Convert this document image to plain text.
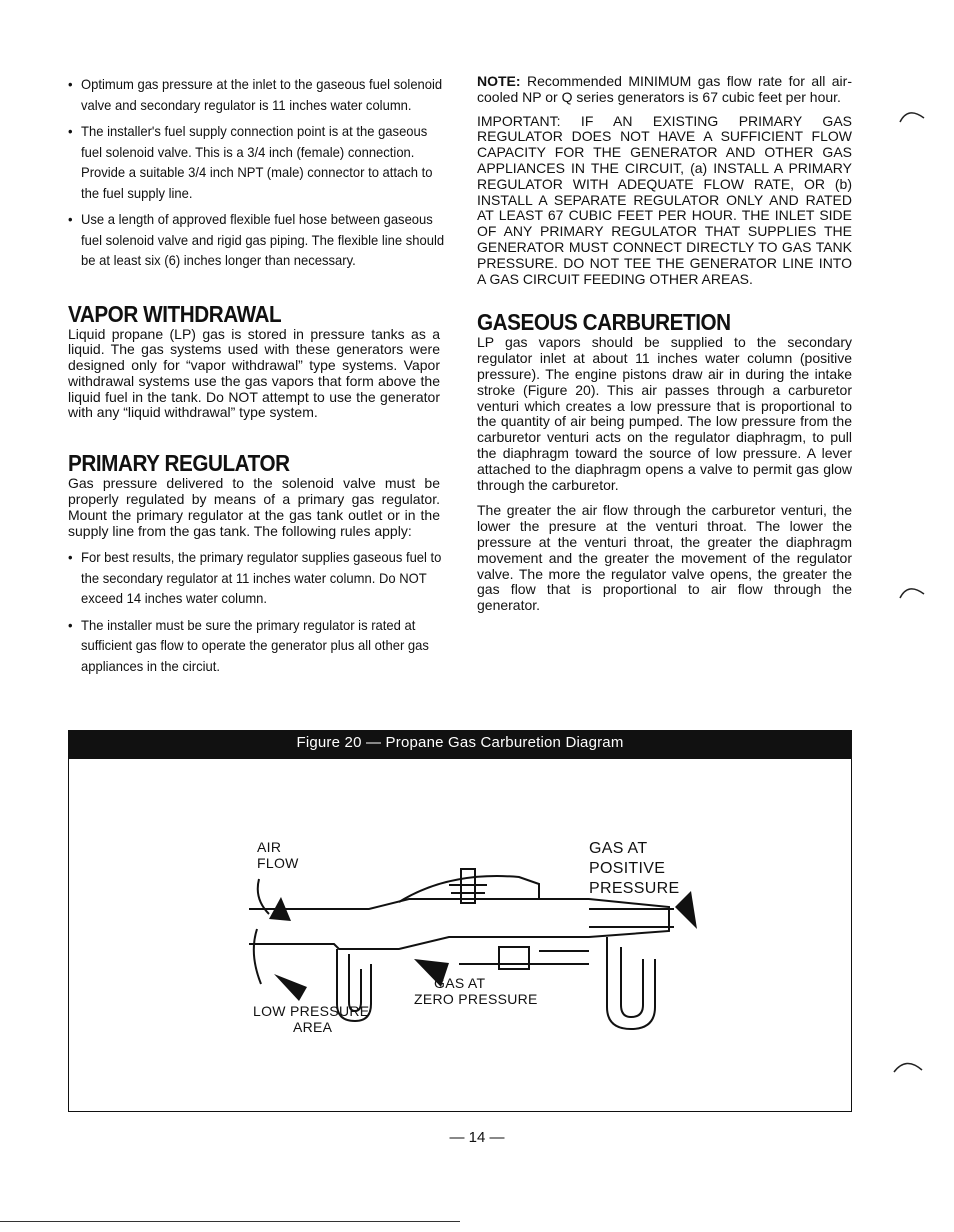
• Optimum gas pressure at the inlet to the gaseous fuel solenoid valve and secondary regulator is 11 inches water column.
• The installer's fuel supply connection point is at the gaseous fuel solenoid valve. This is a 3/4 inch (female) connection. Provide a suitable 3/4 inch NPT (male) connector to attach to the fuel supply line.
• Use a length of approved flexible fuel hose between gaseous fuel solenoid valve and rigid gas piping. The flexible line should be at least six (6) inches longer than necessary.
VAPOR WITHDRAWAL

Liquid propane (LP) gas is stored in pressure tanks as a liquid. The gas systems used with these generators were designed only for “vapor withdrawal” type systems. Vapor withdrawal systems use the gas vapors that form above the liquid fuel in the tank. Do NOT attempt to use the generator with any “liquid withdrawal” type system.

PRIMARY REGULATOR

Gas pressure delivered to the solenoid valve must be properly regulated by means of a primary gas regulator. Mount the primary regulator at the gas tank outlet or in the supply line from the gas tank. The following rules apply:

• For best results, the primary regulator supplies gaseous fuel to the secondary regulator at 11 inches water column. Do NOT exceed 14 inches water column.
• The installer must be sure the primary regulator is rated at sufficient gas flow to operate the generator plus all other gas appliances in the circiut.

NOTE: Recommended MINIMUM gas flow rate for all air-cooled NP or Q series generators is 67 cubic feet per hour.

IMPORTANT: IF AN EXISTING PRIMARY GAS REGULATOR DOES NOT HAVE A SUFFICIENT FLOW CAPACITY FOR THE GENERATOR AND OTHER GAS APPLIANCES IN THE CIRCUIT, (a) INSTALL A PRIMARY REGULATOR WITH ADEQUATE FLOW RATE, OR (b) INSTALL A SEPARATE REGULATOR ONLY AND RATED AT LEAST 67 CUBIC FEET PER HOUR. THE INLET SIDE OF ANY PRIMARY REGULATOR THAT SUPPLIES THE GENERATOR MUST CONNECT DIRECTLY TO GAS TANK PRESSURE. DO NOT TEE THE GENERATOR LINE INTO A GAS CIRCUIT FEEDING OTHER AREAS.

GASEOUS CARBURETION

LP gas vapors should be supplied to the secondary regulator inlet at about 11 inches water column (positive pressure). The engine pistons draw air in during the intake stroke (Figure 20). This air passes through a carburetor venturi which creates a low pressure that is proportional to the quantity of air being pumped. The low pressure from the carburetor venturi acts on the regulator diaphragm, to pull the diaphragm toward the source of low pressure. A lever attached to the diaphragm opens a valve to permit gas glow through the carburetor.

The greater the air flow through the carburetor venturi, the lower the presure at the venturi throat. The lower the pressure at the venturi throat, the greater the diaphragm movement and the greater the movement of the regulator valve. The more the regulator valve opens, the greater the gas flow that is proportional to air flow through the generator.

Figure 20 — Propane Gas Carburetion Diagram
AIR
FLOW
GAS AT
POSITIVE
PRESSURE
GAS AT
ZERO PRESSURE
LOW PRESSURE
AREA
— 14 —
